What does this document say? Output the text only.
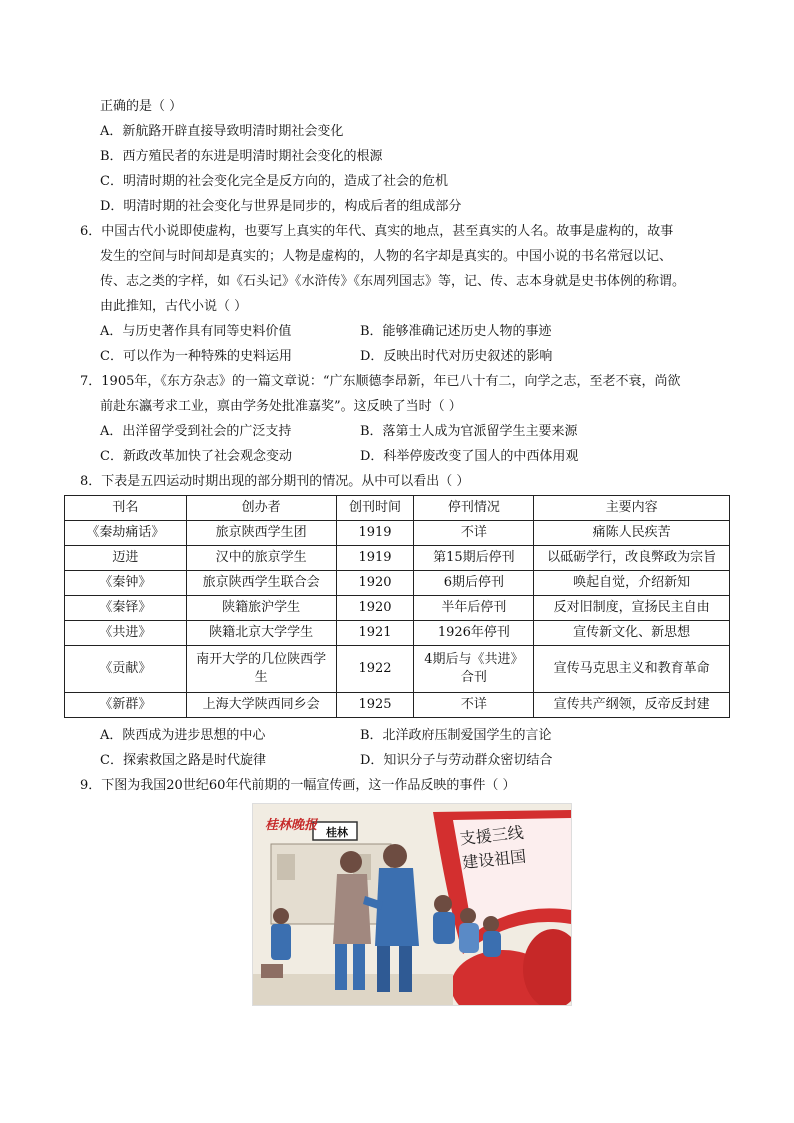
正确的是（ ）
A．新航路开辟直接导致明清时期社会变化
B．西方殖民者的东进是明清时期社会变化的根源
C．明清时期的社会变化完全是反方向的，造成了社会的危机
D．明清时期的社会变化与世界是同步的，构成后者的组成部分
6．中国古代小说即使虚构，也要写上真实的年代、真实的地点，甚至真实的人名。故事是虚构的，故事
发生的空间与时间却是真实的；人物是虚构的，人物的名字却是真实的。中国小说的书名常冠以记、
传、志之类的字样，如《石头记》《水浒传》《东周列国志》等，记、传、志本身就是史书体例的称谓。
由此推知，古代小说（ ）
A．与历史著作具有同等史料价值	B．能够准确记述历史人物的事迹
C．可以作为一种特殊的史料运用	D．反映出时代对历史叙述的影响
7．1905年，《东方杂志》的一篇文章说：“广东顺德李昂新，年已八十有二，向学之志，至老不衰，尚欲
前赴东瀛考求工业，禀由学务处批准嘉奖”。这反映了当时（ ）
A．出洋留学受到社会的广泛支持	B．落第士人成为官派留学生主要来源
C．新政改革加快了社会观念变动	D．科举停废改变了国人的中西体用观
8．下表是五四运动时期出现的部分期刊的情况。从中可以看出（ ）
刊名	创办者	创刊时间	停刊情况	主要内容
《秦劫痛话》	旅京陕西学生团	1919	不详	痛陈人民疾苦
迈进	汉中的旅京学生	1919	第15期后停刊	以砥砺学行，改良弊政为宗旨
《秦钟》	旅京陕西学生联合会	1920	6期后停刊	唤起自觉，介绍新知
《秦铎》	陕籍旅沪学生	1920	半年后停刊	反对旧制度，宣扬民主自由
《共进》	陕籍北京大学学生	1921	1926年停刊	宣传新文化、新思想
《贡献》	南开大学的几位陕西学生	1922	4期后与《共进》合刊	宣传马克思主义和教育革命
《新群》	上海大学陕西同乡会	1925	不详	宣传共产纲领，反帝反封建
A．陕西成为进步思想的中心	B．北洋政府压制爱国学生的言论
C．探索救国之路是时代旋律	D．知识分子与劳动群众密切结合
9．下图为我国20世纪60年代前期的一幅宣传画，这一作品反映的事件（ ）
桂林晚报 桂林	支援三线
建设祖国
